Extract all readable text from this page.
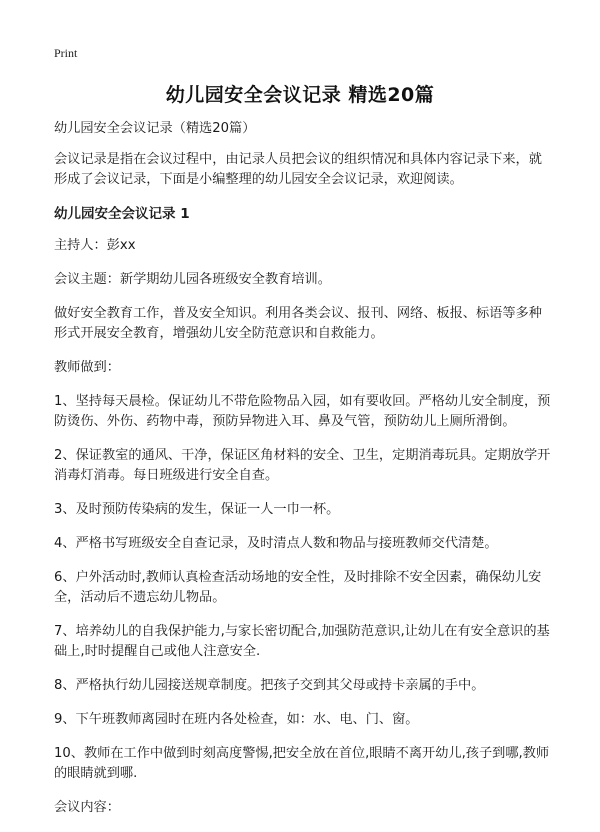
Print
幼儿园安全会议记录 精选20篇

幼儿园安全会议记录（精选20篇）

会议记录是指在会议过程中，由记录人员把会议的组织情况和具体内容记录下来，就形成了会议记录，下面是小编整理的幼儿园安全会议记录，欢迎阅读。

幼儿园安全会议记录 1

主持人：彭xx

会议主题：新学期幼儿园各班级安全教育培训。

做好安全教育工作，普及安全知识。利用各类会议、报刊、网络、板报、标语等多种形式开展安全教育，增强幼儿安全防范意识和自救能力。

教师做到：

1、坚持每天晨检。保证幼儿不带危险物品入园，如有要收回。严格幼儿安全制度，预防烫伤、外伤、药物中毒，预防异物进入耳、鼻及气管，预防幼儿上厕所滑倒。

2、保证教室的通风、干净，保证区角材料的安全、卫生，定期消毒玩具。定期放学开消毒灯消毒。每日班级进行安全自查。

3、及时预防传染病的发生，保证一人一巾一杯。

4、严格书写班级安全自查记录，及时清点人数和物品与接班教师交代清楚。

6、户外活动时,教师认真检查活动场地的安全性，及时排除不安全因素，确保幼儿安全，活动后不遗忘幼儿物品。

7、培养幼儿的自我保护能力,与家长密切配合,加强防范意识,让幼儿在有安全意识的基础上,时时提醒自己或他人注意安全.

8、严格执行幼儿园接送规章制度。把孩子交到其父母或持卡亲属的手中。

9、下午班教师离园时在班内各处检查，如：水、电、门、窗。

10、教师在工作中做到时刻高度警惕,把安全放在首位,眼睛不离开幼儿,孩子到哪,教师的眼睛就到哪.

会议内容：
